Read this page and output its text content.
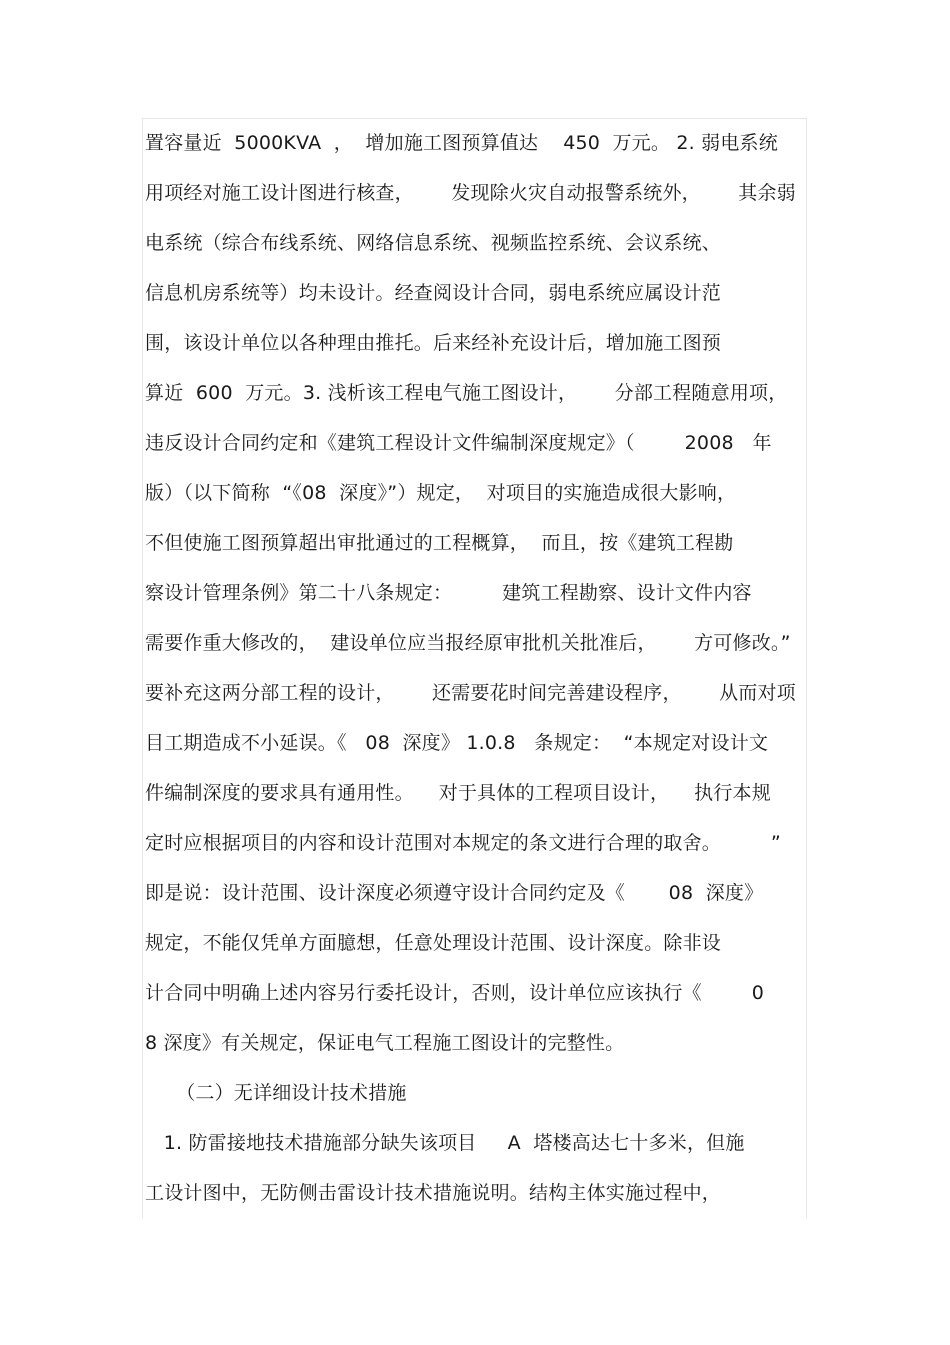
置容量近  5000KVA  ，  增加施工图预算值达    450  万元。 2. 弱电系统
用项经对施工设计图进行核查，      发现除火灾自动报警系统外，      其余弱
电系统（综合布线系统、网络信息系统、视频监控系统、会议系统、
信息机房系统等）均未设计。经查阅设计合同，弱电系统应属设计范
围，该设计单位以各种理由推托。后来经补充设计后，增加施工图预
算近  600  万元。3. 浅析该工程电气施工图设计，      分部工程随意用项，
违反设计合同约定和《建筑工程设计文件编制深度规定》（        2008   年
版）（以下简称  “《08  深度》”）规定，  对项目的实施造成很大影响，
不但使施工图预算超出审批通过的工程概算，  而且，按《建筑工程勘
察设计管理条例》第二十八条规定：        建筑工程勘察、设计文件内容
需要作重大修改的，  建设单位应当报经原审批机关批准后，      方可修改。”
要补充这两分部工程的设计，      还需要花时间完善建设程序，      从而对项
目工期造成不小延误。《   08  深度》 1.0.8   条规定：  “本规定对设计文
件编制深度的要求具有通用性。    对于具体的工程项目设计，    执行本规
定时应根据项目的内容和设计范围对本规定的条文进行合理的取舍。        ”
即是说：设计范围、设计深度必须遵守设计合同约定及《       08  深度》
规定，不能仅凭单方面臆想，任意处理设计范围、设计深度。除非设
计合同中明确上述内容另行委托设计，否则，设计单位应该执行《        0
8 深度》有关规定，保证电气工程施工图设计的完整性。
（二）无详细设计技术措施
1. 防雷接地技术措施部分缺失该项目     A  塔楼高达七十多米，但施
工设计图中，无防侧击雷设计技术措施说明。结构主体实施过程中，
